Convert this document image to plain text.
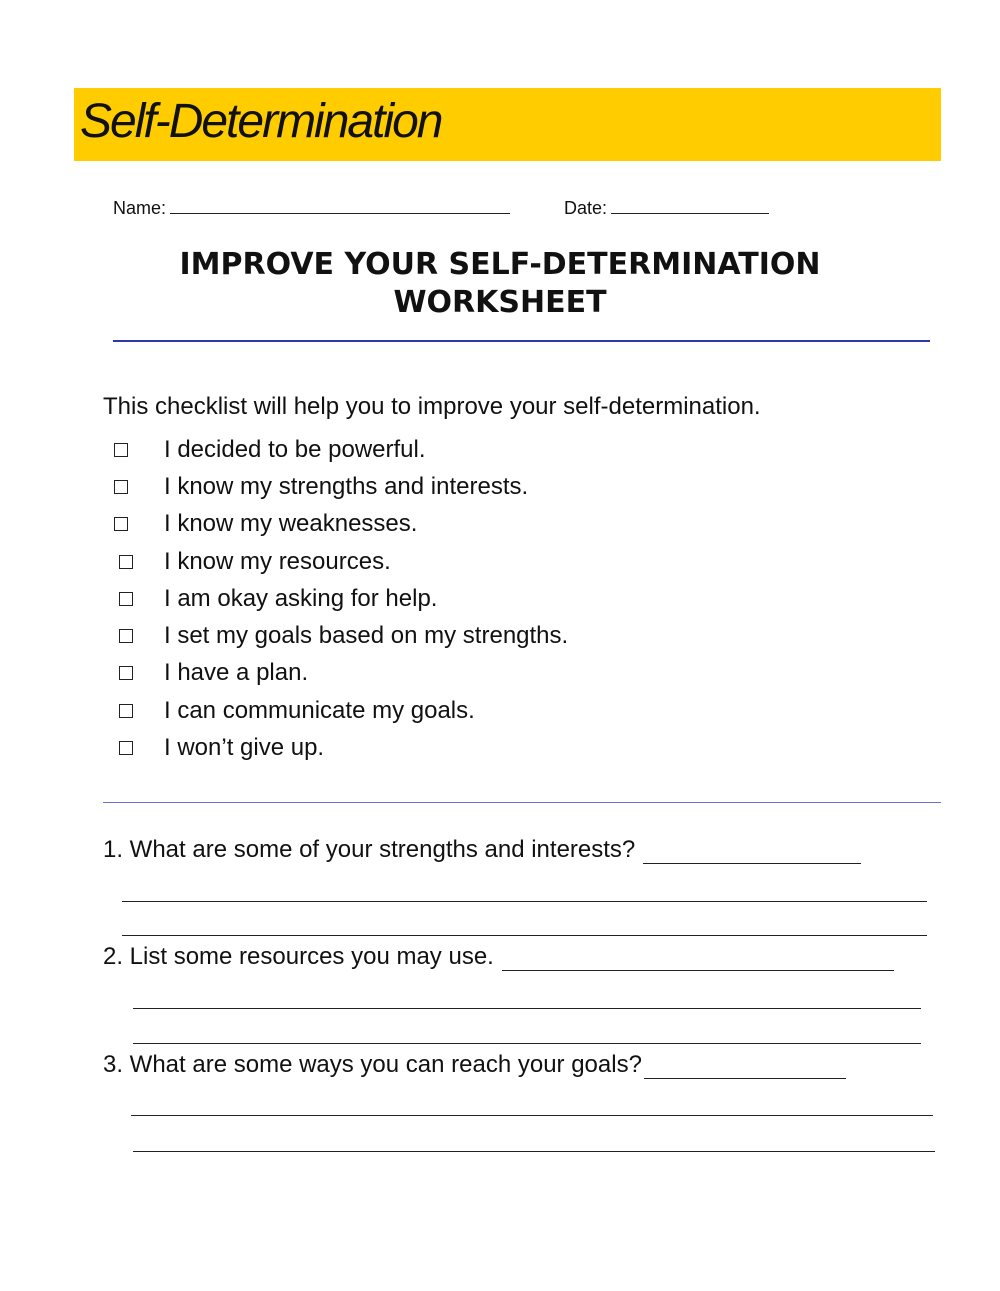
Self-Determination
Name:	Date:
IMPROVE YOUR SELF-DETERMINATION
WORKSHEET
This checklist will help you to improve your self-determination.
I decided to be powerful.
I know my strengths and interests.
I know my weaknesses.
I know my resources.
I am okay asking for help.
I set my goals based on my strengths.
I have a plan.
I can communicate my goals.
I won’t give up.
1. What are some of your strengths and interests?
2. List some resources you may use.
3. What are some ways you can reach your goals?
